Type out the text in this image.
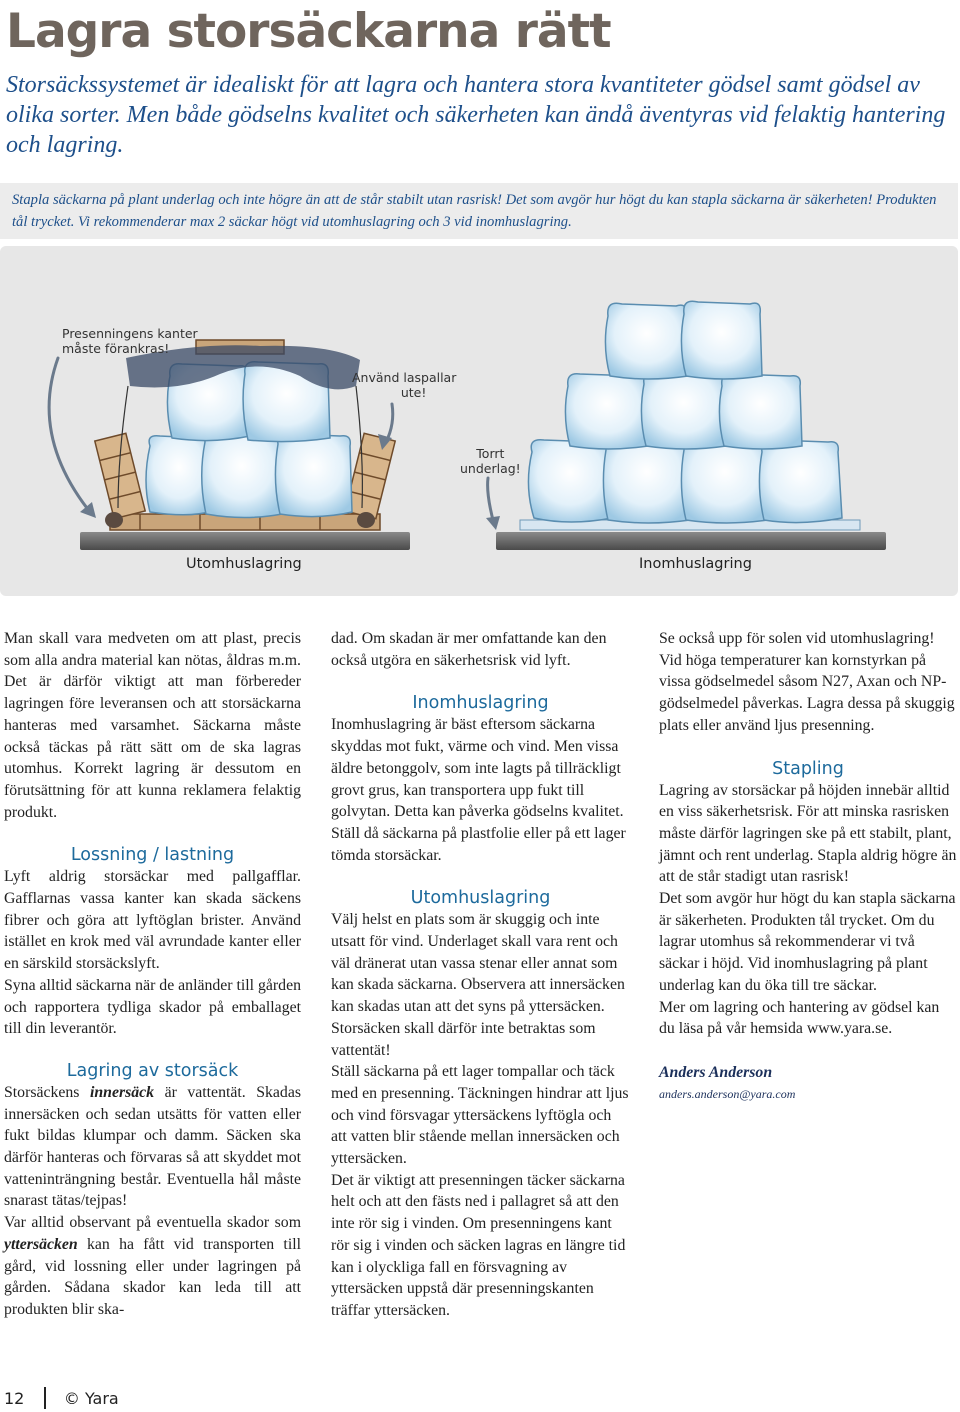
Lagra storsäckarna rätt
Storsäckssystemet är idealiskt för att lagra och hantera stora kvantiteter gödsel samt gödsel av olika sorter. Men både gödselns kvalitet och säkerheten kan ändå äventyras vid felaktig hantering och lagring.
Stapla säckarna på plant underlag och inte högre än att de står stabilt utan rasrisk! Det som avgör hur högt du kan stapla säckarna är säkerheten! Produkten tål trycket. Vi rekommenderar max 2 säckar högt vid utomhuslagring och 3 vid inomhuslagring.
Presenningens kanter
måste förankras!
Använd laspallar
ute!
Torrt
underlag!
Utomhuslagring	Inomhuslagring

Man skall vara medveten om att plast, precis som alla andra material kan nötas, åldras m.m. Det är därför viktigt att man förbereder lagringen före leveransen och att storsäckarna hanteras med varsamhet. Säckarna måste också täckas på rätt sätt om de ska lagras utomhus. Korrekt lagring är dessutom en förutsättning för att kunna reklamera felaktig produkt.

Lossning / lastning

Lyft aldrig storsäckar med pallgafflar. Gafflarnas vassa kanter kan skada säckens fibrer och göra att lyftöglan brister. Använd istället en krok med väl avrundade kanter eller en särskild storsäckslyft.

Syna alltid säckarna när de anländer till gården och rapportera tydliga skador på emballaget till din leverantör.

Lagring av storsäck

Storsäckens innersäck är vattentät. Skadas innersäcken och sedan utsätts för vatten eller fukt bildas klumpar och damm. Säcken ska därför hanteras och förvaras så att skyddet mot vatteninträngning består. Eventuella hål måste snarast tätas/tejpas!

Var alltid observant på eventuella skador som yttersäcken kan ha fått vid transporten till gård, vid lossning eller under lagringen på gården. Sådana skador kan leda till att produkten blir ska-

dad. Om skadan är mer omfattande kan den också utgöra en säkerhetsrisk vid lyft.

Inomhuslagring

Inomhuslagring är bäst eftersom säckarna skyddas mot fukt, värme och vind. Men vissa äldre betonggolv, som inte lagts på tillräckligt grovt grus, kan transportera upp fukt till golvytan. Detta kan påverka gödselns kvalitet. Ställ då säckarna på plastfolie eller på ett lager tömda storsäckar.

Utomhuslagring

Välj helst en plats som är skuggig och inte utsatt för vind. Underlaget skall vara rent och väl dränerat utan vassa stenar eller annat som kan skada säckarna. Observera att innersäcken kan skadas utan att det syns på yttersäcken. Storsäcken skall därför inte betraktas som vattentät!

Ställ säckarna på ett lager tompallar och täck med en presenning. Täckningen hindrar att ljus och vind försvagar yttersäckens lyftögla och att vatten blir stående mellan innersäcken och yttersäcken.

Det är viktigt att presenningen täcker säckarna helt och att den fästs ned i pallagret så att den inte rör sig i vinden. Om presenningens kant rör sig i vinden och säcken lagras en längre tid kan i olyckliga fall en försvagning av yttersäcken uppstå där presenningskanten träffar yttersäcken.

Se också upp för solen vid utomhuslagring! Vid höga temperaturer kan kornstyrkan på vissa gödselmedel såsom N27, Axan och NP-gödselmedel påverkas. Lagra dessa på skuggig plats eller använd ljus presenning.

Stapling

Lagring av storsäckar på höjden innebär alltid en viss säkerhetsrisk. För att minska rasrisken måste därför lagringen ske på ett stabilt, plant, jämnt och rent underlag. Stapla aldrig högre än att de står stadigt utan rasrisk!

Det som avgör hur högt du kan stapla säckarna är säkerheten. Produkten tål trycket. Om du lagrar utomhus så rekommenderar vi två säckar i höjd. Vid inomhuslagring på plant underlag kan du öka till tre säckar.

Mer om lagring och hantering av gödsel kan du läsa på vår hemsida www.yara.se.

Anders Anderson

anders.anderson@yara.com

12 © Yara
